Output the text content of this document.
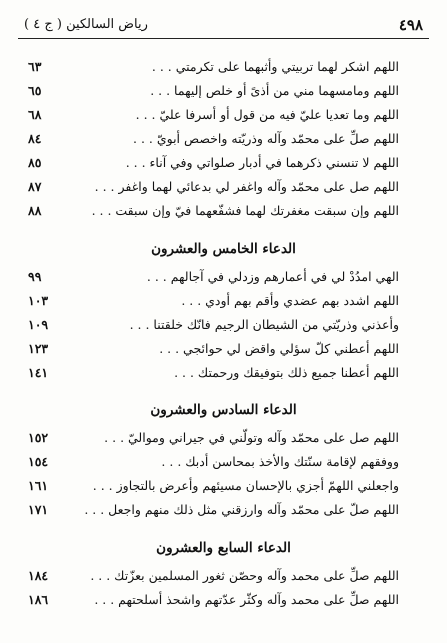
٤٩٨
رياض السالكين ( ج ٤ )
اللهم اشكر لهما تربيتي وأثبهما على تكرمتي . . .
٦٣
اللهم ومامسهما مني من أذىً أو خلص إليهما . . .
٦٥
اللهم وما تعديا عليّ فيه من قول أو أسرفا عليّ . . .
٦٨
اللهم صلِّ على محمّد وآله وذريّته واخصص أبويّ . . .
٨٤
اللهم لا تنسني ذكرهما في أدبار صلواتي وفي آناء . . .
٨٥
اللهم صل على محمّد وآله واغفر لي بدعائي لهما واغفر . . .
٨٧
اللهم وإن سبقت مغفرتك لهما فشفّعهما فيّ وإن سبقت . . .
٨٨
الدعاء الخامس والعشرون
الهي امدُدْ لي في أعمارهم وزدلي في آجالهم . . .
٩٩
اللهم اشدد بهم عضدي وأقم بهم أودي . . .
١٠٣
وأعذني وذريّتي من الشيطان الرجيم فانّك خلقتنا . . .
١٠٩
اللهم أعطني كلّ سؤلي واقض لي حوائجي . . .
١٢٣
اللهم أعطنا جميع ذلك بتوفيقك ورحمتك . . .
١٤١
الدعاء السادس والعشرون
اللهم صل على محمّد وآله وتولّني في جيراني ومواليّ . . .
١٥٢
ووفقهم لإقامة سنّتك والأخذ بمحاسن أدبك . . .
١٥٤
واجعلني اللهمّ أجزي بالإحسان مسيئهم وأعرض بالتجاوز . . .
١٦١
اللهم صلّ على محمّد وآله وارزقني مثل ذلك منهم واجعل . . .
١٧١
الدعاء السابع والعشرون
اللهم صلِّ على محمد وآله وحصّن ثغور المسلمين بعزّتك . . .
١٨٤
اللهم صلِّ على محمد وآله وكثّر عدّتهم واشحذ أسلحتهم . . .
١٨٦
